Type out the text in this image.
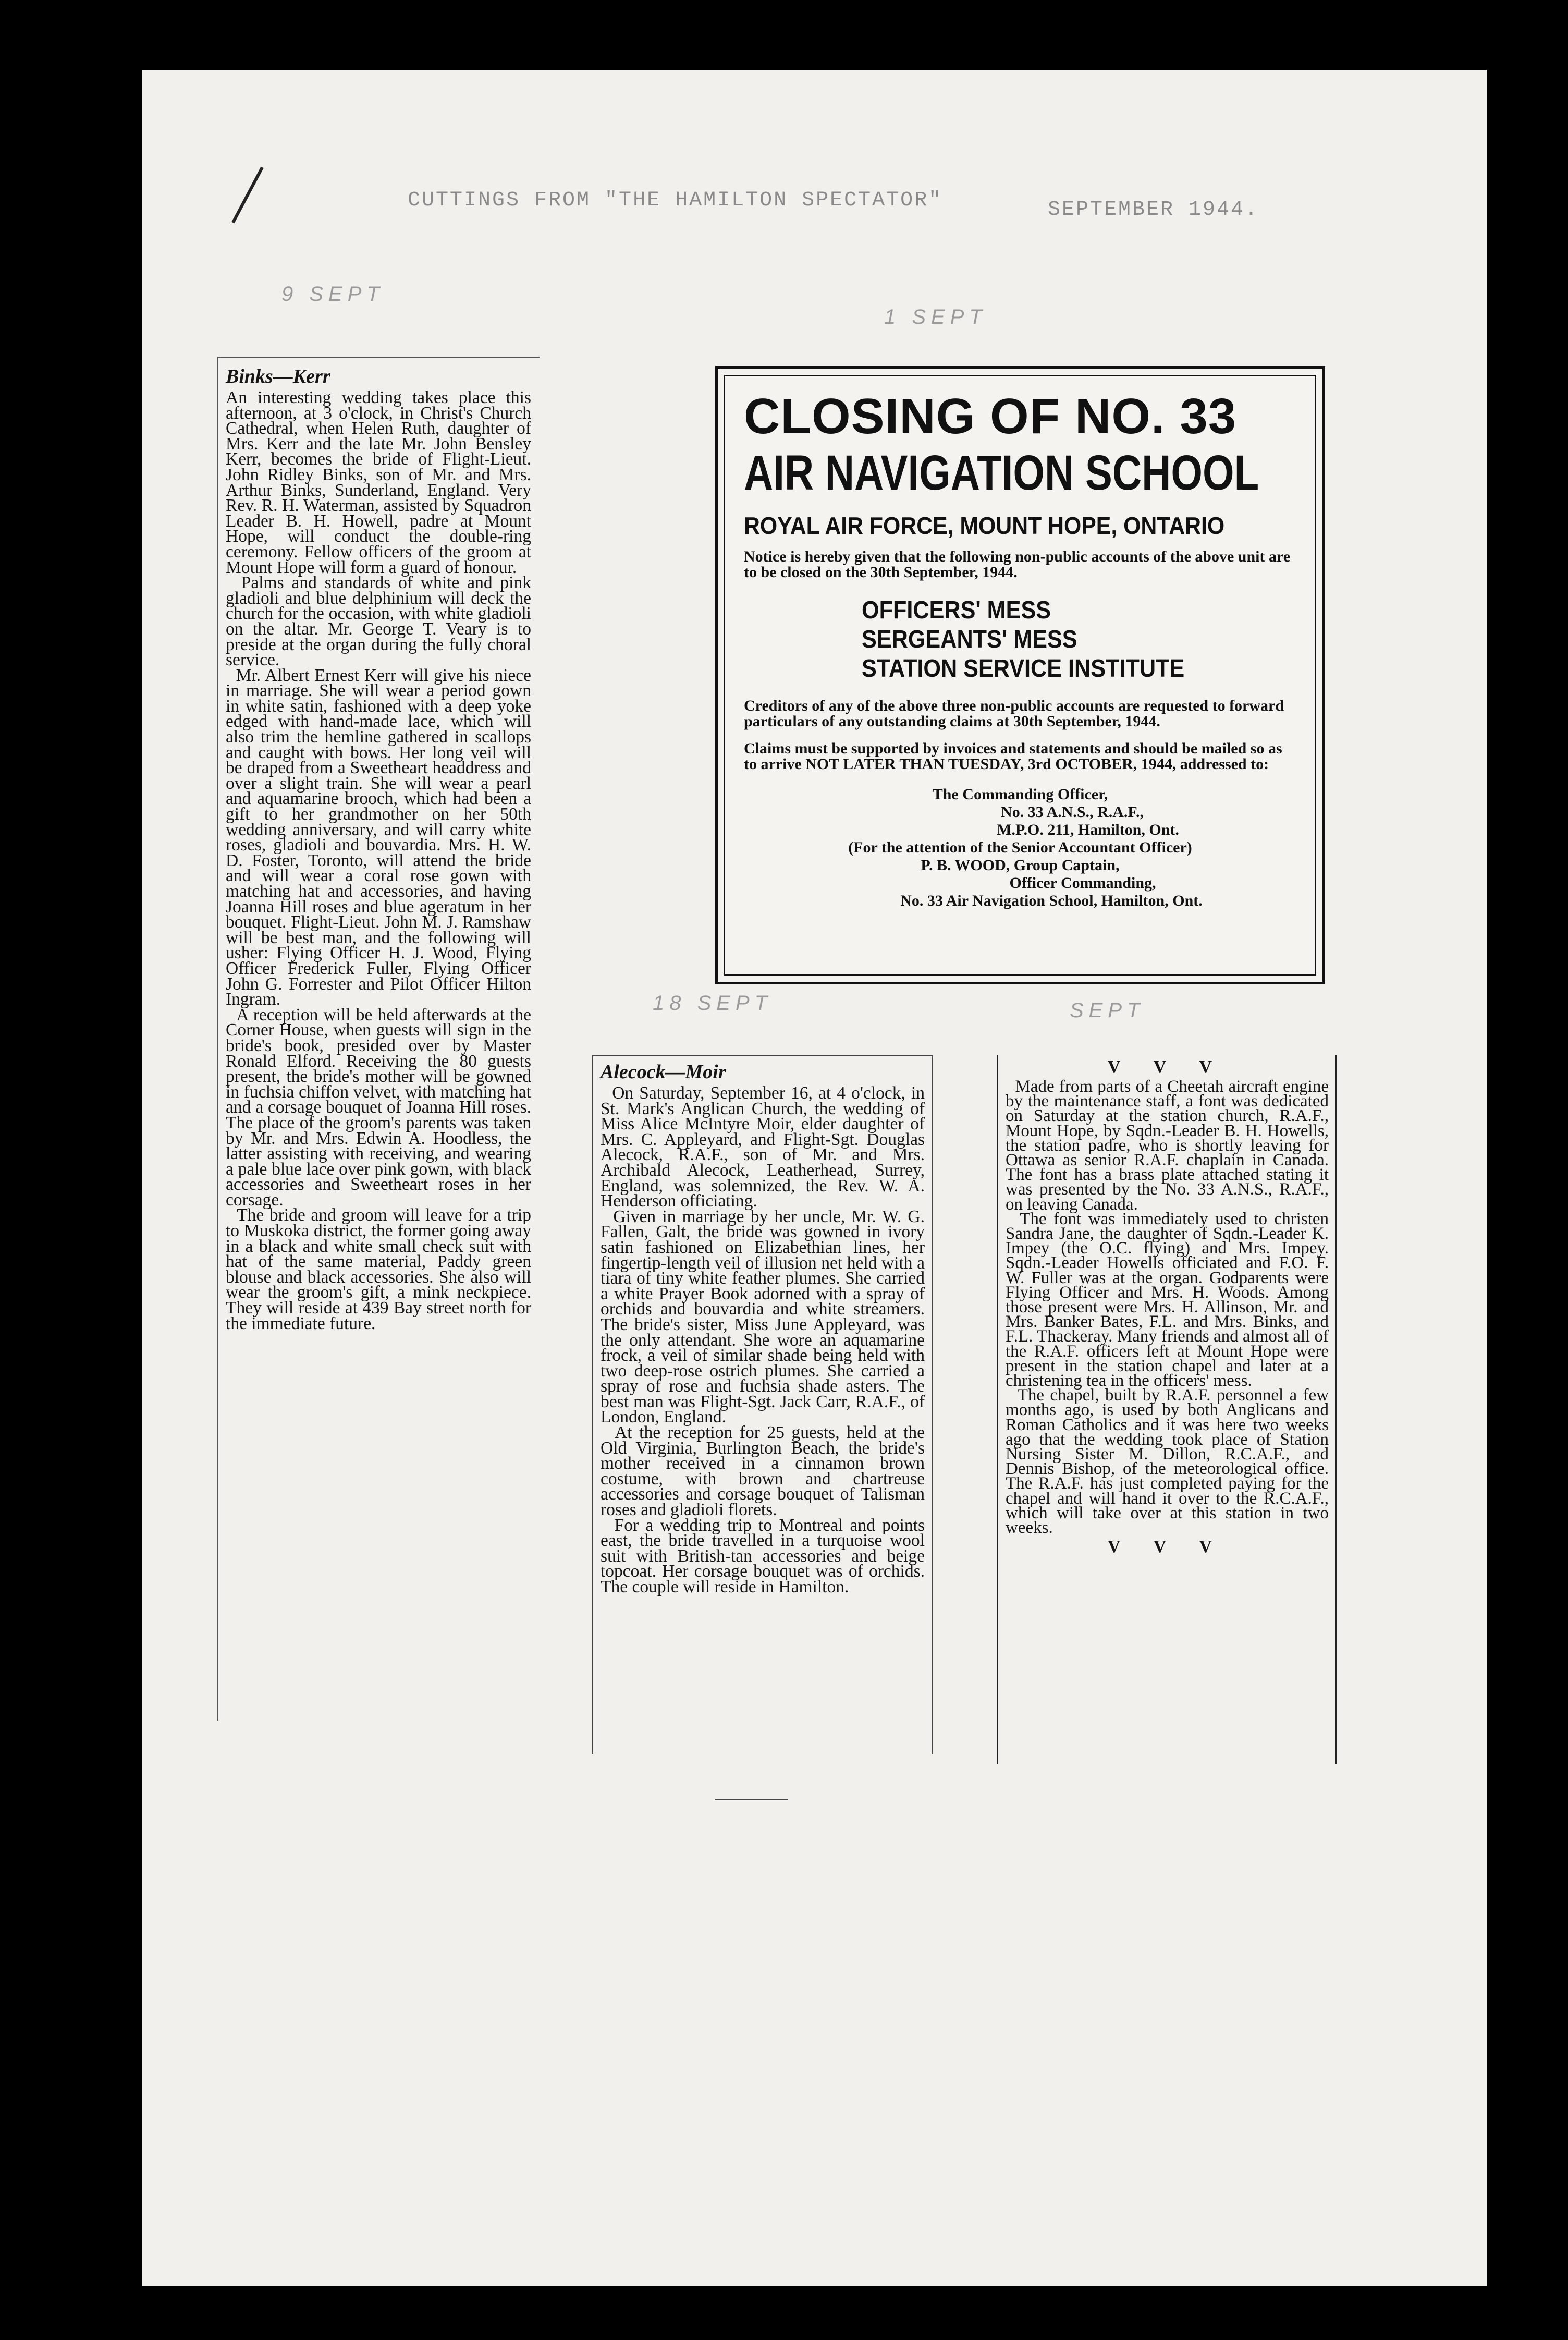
CUTTINGS FROM "THE HAMILTON SPECTATOR"	SEPTEMBER 1944.
9 SEPT
1 SEPT
18 SEPT	SEPT
Binks—Kerr
An interesting wedding takes place this afternoon, at 3 o'clock, in Christ's Church Cathedral, when Helen Ruth, daughter of Mrs. Kerr and the late Mr. John Bensley Kerr, becomes the bride of Flight-Lieut. John Ridley Binks, son of Mr. and Mrs. Arthur Binks, Sunderland, England. Very Rev. R. H. Waterman, assisted by Squadron Leader B. H. Howell, padre at Mount Hope, will conduct the double-ring ceremony. Fellow officers of the groom at Mount Hope will form a guard of honour.
Palms and standards of white and pink gladioli and blue delphinium will deck the church for the occasion, with white gladioli on the altar. Mr. George T. Veary is to preside at the organ during the fully choral service.
Mr. Albert Ernest Kerr will give his niece in marriage. She will wear a period gown in white satin, fashioned with a deep yoke edged with hand-made lace, which will also trim the hemline gathered in scallops and caught with bows. Her long veil will be draped from a Sweetheart headdress and over a slight train. She will wear a pearl and aquamarine brooch, which had been a gift to her grandmother on her 50th wedding anniversary, and will carry white roses, gladioli and bouvardia. Mrs. H. W. D. Foster, Toronto, will attend the bride and will wear a coral rose gown with matching hat and accessories, and having Joanna Hill roses and blue ageratum in her bouquet. Flight-Lieut. John M. J. Ramshaw will be best man, and the following will usher: Flying Officer H. J. Wood, Flying Officer Frederick Fuller, Flying Officer John G. Forrester and Pilot Officer Hilton Ingram.
A reception will be held afterwards at the Corner House, when guests will sign in the bride's book, presided over by Master Ronald Elford. Receiving the 80 guests present, the bride's mother will be gowned in fuchsia chiffon velvet, with matching hat and a corsage bouquet of Joanna Hill roses. The place of the groom's parents was taken by Mr. and Mrs. Edwin A. Hoodless, the latter assisting with receiving, and wearing a pale blue lace over pink gown, with black accessories and Sweetheart roses in her corsage.
The bride and groom will leave for a trip to Muskoka district, the former going away in a black and white small check suit with hat of the same material, Paddy green blouse and black accessories. She also will wear the groom's gift, a mink neckpiece. They will reside at 439 Bay street north for the immediate future.
CLOSING OF NO. 33
AIR NAVIGATION SCHOOL
ROYAL AIR FORCE, MOUNT HOPE, ONTARIO
Notice is hereby given that the following non-public accounts of the above unit are to be closed on the 30th September, 1944.
OFFICERS' MESS
SERGEANTS' MESS
STATION SERVICE INSTITUTE
Creditors of any of the above three non-public accounts are requested to forward particulars of any outstanding claims at 30th September, 1944.
Claims must be supported by invoices and statements and should be mailed so as to arrive NOT LATER THAN TUESDAY, 3rd OCTOBER, 1944, addressed to:
The Commanding Officer,
No. 33 A.N.S., R.A.F.,
M.P.O. 211, Hamilton, Ont.
(For the attention of the Senior Accountant Officer)
P. B. WOOD, Group Captain,
Officer Commanding,
No. 33 Air Navigation School, Hamilton, Ont.
Alecock—Moir
On Saturday, September 16, at 4 o'clock, in St. Mark's Anglican Church, the wedding of Miss Alice McIntyre Moir, elder daughter of Mrs. C. Appleyard, and Flight-Sgt. Douglas Alecock, R.A.F., son of Mr. and Mrs. Archibald Alecock, Leatherhead, Surrey, England, was solemnized, the Rev. W. A. Henderson officiating.
Given in marriage by her uncle, Mr. W. G. Fallen, Galt, the bride was gowned in ivory satin fashioned on Elizabethian lines, her fingertip-length veil of illusion net held with a tiara of tiny white feather plumes. She carried a white Prayer Book adorned with a spray of orchids and bouvardia and white streamers. The bride's sister, Miss June Appleyard, was the only attendant. She wore an aquamarine frock, a veil of similar shade being held with two deep-rose ostrich plumes. She carried a spray of rose and fuchsia shade asters. The best man was Flight-Sgt. Jack Carr, R.A.F., of London, England.
At the reception for 25 guests, held at the Old Virginia, Burlington Beach, the bride's mother received in a cinnamon brown costume, with brown and chartreuse accessories and corsage bouquet of Talisman roses and gladioli florets.
For a wedding trip to Montreal and points east, the bride travelled in a turquoise wool suit with British-tan accessories and beige topcoat. Her corsage bouquet was of orchids. The couple will reside in Hamilton.
V V V
Made from parts of a Cheetah aircraft engine by the maintenance staff, a font was dedicated on Saturday at the station church, R.A.F., Mount Hope, by Sqdn.-Leader B. H. Howells, the station padre, who is shortly leaving for Ottawa as senior R.A.F. chaplain in Canada. The font has a brass plate attached stating it was presented by the No. 33 A.N.S., R.A.F., on leaving Canada.
The font was immediately used to christen Sandra Jane, the daughter of Sqdn.-Leader K. Impey (the O.C. flying) and Mrs. Impey. Sqdn.-Leader Howells officiated and F.O. F. W. Fuller was at the organ. Godparents were Flying Officer and Mrs. H. Woods. Among those present were Mrs. H. Allinson, Mr. and Mrs. Banker Bates, F.L. and Mrs. Binks, and F.L. Thackeray. Many friends and almost all of the R.A.F. officers left at Mount Hope were present in the station chapel and later at a christening tea in the officers' mess.
The chapel, built by R.A.F. personnel a few months ago, is used by both Anglicans and Roman Catholics and it was here two weeks ago that the wedding took place of Station Nursing Sister M. Dillon, R.C.A.F., and Dennis Bishop, of the meteorological office. The R.A.F. has just completed paying for the chapel and will hand it over to the R.C.A.F., which will take over at this station in two weeks.
V V V
